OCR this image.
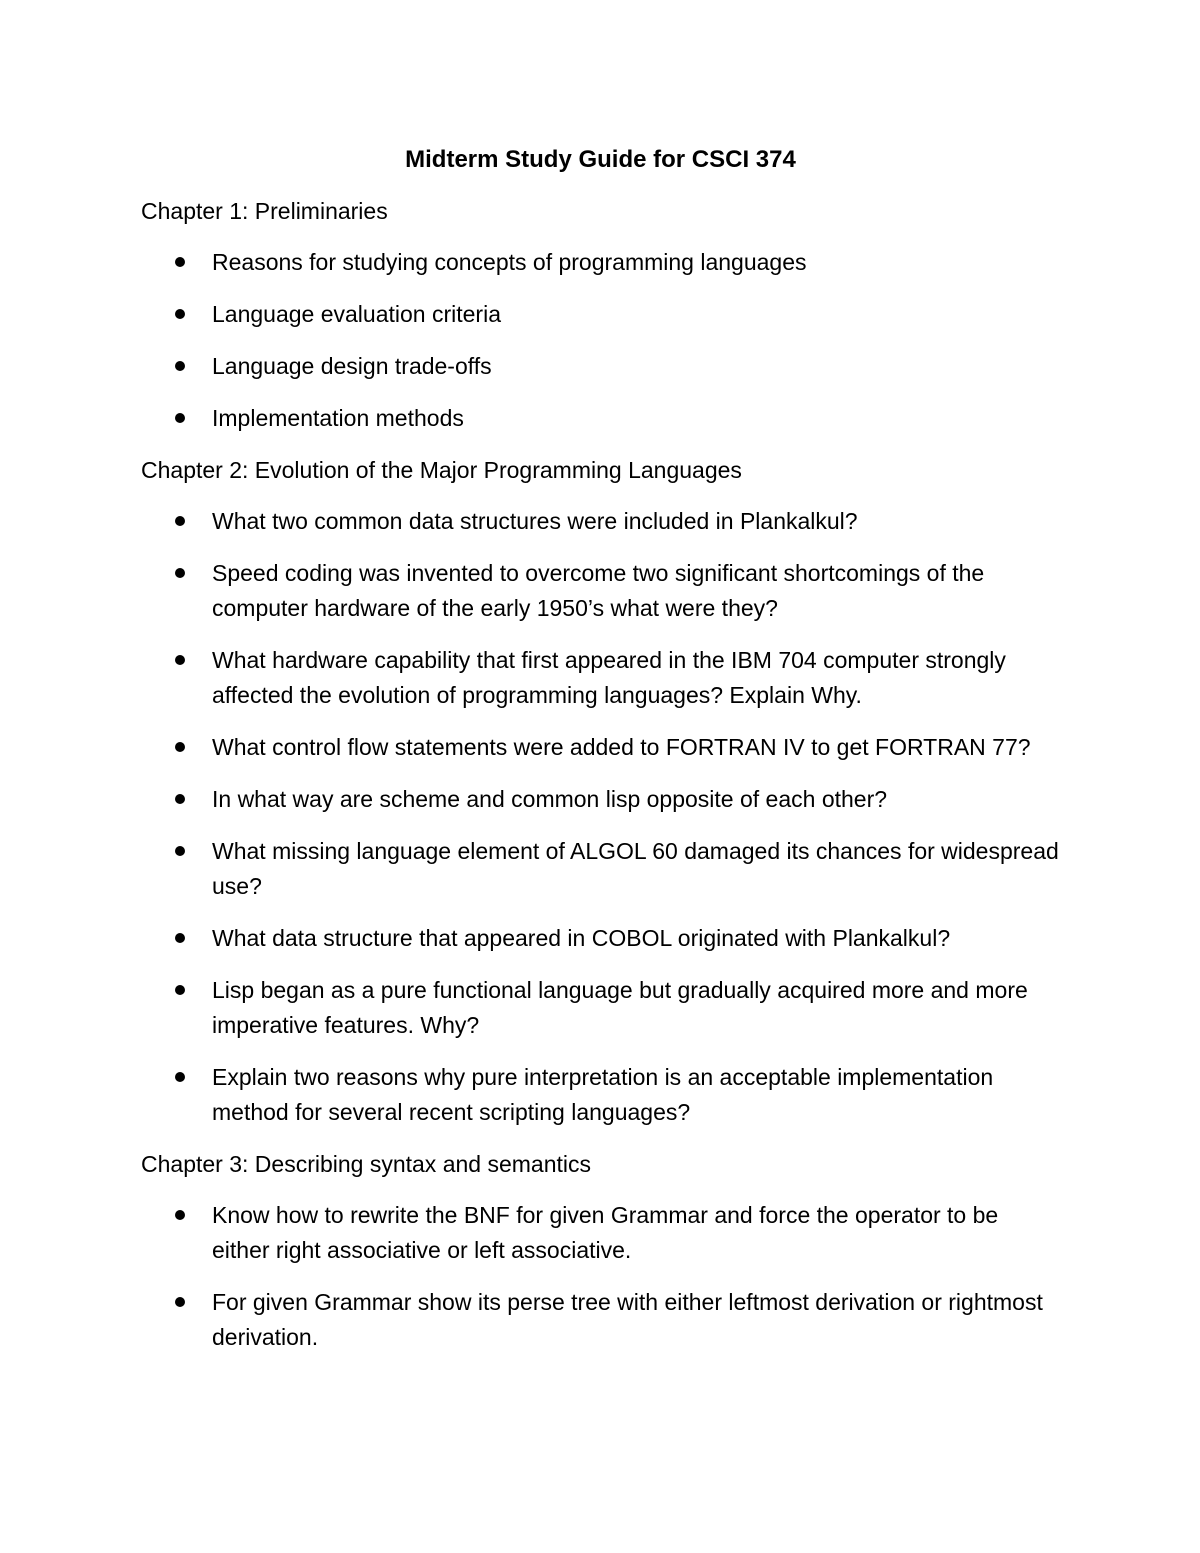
Midterm Study Guide for CSCI 374
Chapter 1: Preliminaries
Reasons for studying concepts of programming languages
Language evaluation criteria
Language design trade-offs
Implementation methods
Chapter 2: Evolution of the Major Programming Languages
What two common data structures were included in Plankalkul?
Speed coding was invented to overcome two significant shortcomings of the computer hardware of the early 1950’s what were they?
What hardware capability that first appeared in the IBM 704 computer strongly affected the evolution of programming languages? Explain Why.
What control flow statements were added to FORTRAN IV to get FORTRAN 77?
In what way are scheme and common lisp opposite of each other?
What missing language element of ALGOL 60 damaged its chances for widespread use?
What data structure that appeared in COBOL originated with Plankalkul?
Lisp began as a pure functional language but gradually acquired more and more imperative features. Why?
Explain two reasons why pure interpretation is an acceptable implementation method for several recent scripting languages?
Chapter 3: Describing syntax and semantics
Know how to rewrite the BNF for given Grammar and force the operator to be either right associative or left associative.
For given Grammar show its perse tree with either leftmost derivation or rightmost derivation.
